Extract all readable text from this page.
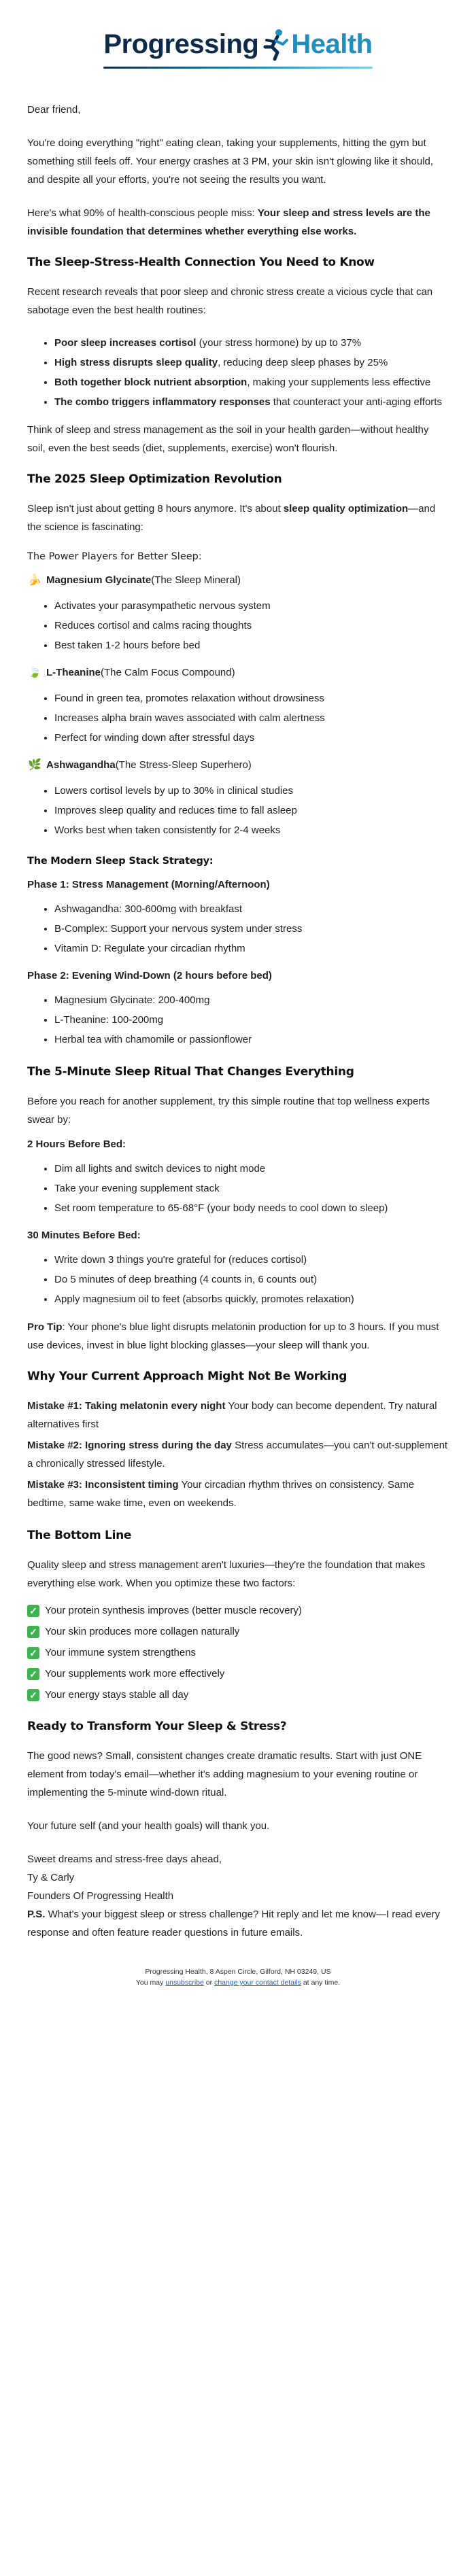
Progressing Health

Dear friend,

You're doing everything "right" eating clean, taking your supplements, hitting the gym but something still feels off. Your energy crashes at 3 PM, your skin isn't glowing like it should, and despite all your efforts, you're not seeing the results you want.

Here's what 90% of health-conscious people miss: Your sleep and stress levels are the invisible foundation that determines whether everything else works.

The Sleep-Stress-Health Connection You Need to Know

Recent research reveals that poor sleep and chronic stress create a vicious cycle that can sabotage even the best health routines:

• Poor sleep increases cortisol (your stress hormone) by up to 37%
• High stress disrupts sleep quality, reducing deep sleep phases by 25%
• Both together block nutrient absorption, making your supplements less effective
• The combo triggers inflammatory responses that counteract your anti-aging efforts

Think of sleep and stress management as the soil in your health garden—without healthy soil, even the best seeds (diet, supplements, exercise) won't flourish.

The 2025 Sleep Optimization Revolution

Sleep isn't just about getting 8 hours anymore. It's about sleep quality optimization—and the science is fascinating:

The Power Players for Better Sleep:
🍌 Magnesium Glycinate (The Sleep Mineral)
• Activates your parasympathetic nervous system
• Reduces cortisol and calms racing thoughts
• Best taken 1-2 hours before bed
🍃 L-Theanine (The Calm Focus Compound)
• Found in green tea, promotes relaxation without drowsiness
• Increases alpha brain waves associated with calm alertness
• Perfect for winding down after stressful days
🌿 Ashwagandha (The Stress-Sleep Superhero)
• Lowers cortisol levels by up to 30% in clinical studies
• Improves sleep quality and reduces time to fall asleep
• Works best when taken consistently for 2-4 weeks
The Modern Sleep Stack Strategy:
Phase 1: Stress Management (Morning/Afternoon)
• Ashwagandha: 300-600mg with breakfast
• B-Complex: Support your nervous system under stress
• Vitamin D: Regulate your circadian rhythm
Phase 2: Evening Wind-Down (2 hours before bed)
• Magnesium Glycinate: 200-400mg
• L-Theanine: 100-200mg
• Herbal tea with chamomile or passionflower
The 5-Minute Sleep Ritual That Changes Everything

Before you reach for another supplement, try this simple routine that top wellness experts swear by:

2 Hours Before Bed:
• Dim all lights and switch devices to night mode
• Take your evening supplement stack
• Set room temperature to 65-68°F (your body needs to cool down to sleep)
30 Minutes Before Bed:
• Write down 3 things you're grateful for (reduces cortisol)
• Do 5 minutes of deep breathing (4 counts in, 6 counts out)
• Apply magnesium oil to feet (absorbs quickly, promotes relaxation)

Pro Tip: Your phone's blue light disrupts melatonin production for up to 3 hours. If you must use devices, invest in blue light blocking glasses—your sleep will thank you.

Why Your Current Approach Might Not Be Working
Mistake #1: Taking melatonin every night Your body can become dependent. Try natural alternatives first
Mistake #2: Ignoring stress during the day Stress accumulates—you can't out-supplement a chronically stressed lifestyle.
Mistake #3: Inconsistent timing Your circadian rhythm thrives on consistency. Same bedtime, same wake time, even on weekends.
The Bottom Line

Quality sleep and stress management aren't luxuries—they're the foundation that makes everything else work. When you optimize these two factors:

✓ Your protein synthesis improves (better muscle recovery)
✓ Your skin produces more collagen naturally
✓ Your immune system strengthens
✓ Your supplements work more effectively
✓ Your energy stays stable all day
Ready to Transform Your Sleep & Stress?

The good news? Small, consistent changes create dramatic results. Start with just ONE element from today's email—whether it's adding magnesium to your evening routine or implementing the 5-minute wind-down ritual.

Your future self (and your health goals) will thank you.

Sweet dreams and stress-free days ahead,

Ty & Carly

Founders Of Progressing Health

P.S. What's your biggest sleep or stress challenge? Hit reply and let me know—I read every response and often feature reader questions in future emails.

Progressing Health, 8 Aspen Circle, Gilford, NH 03249, US
You may unsubscribe or change your contact details at any time.
